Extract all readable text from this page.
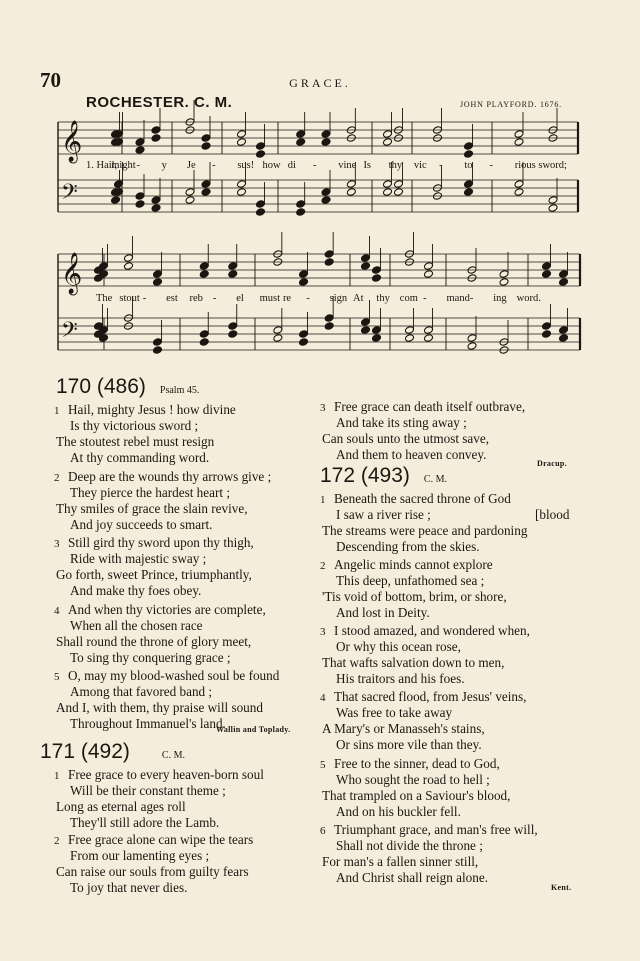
70	GRACE.
ROCHESTER. C. M.	JOHN PLAYFORD. 1676.
𝄞
𝄢
𝄞
𝄢
1. Hail,
might - y Je - sus! how di - vine Is thy vic - to - rious sword;
The stout - est reb - el must re - sign At thy com - mand - ing word.
170 (486) Psalm 45.
1 Hail, mighty Jesus ! how divine
Is thy victorious sword ;
The stoutest rebel must resign
At thy commanding word.
2 Deep are the wounds thy arrows give ;
They pierce the hardest heart ;
Thy smiles of grace the slain revive,
And joy succeeds to smart.
3 Still gird thy sword upon thy thigh,
Ride with majestic sway ;
Go forth, sweet Prince, triumphantly,
And make thy foes obey.
4 And when thy victories are complete,
When all the chosen race
Shall round the throne of glory meet,
To sing thy conquering grace ;
5 O, may my blood-washed soul be found
Among that favored band ;
And I, with them, thy praise will sound
Throughout Immanuel's land.
Wallin and Toplady.
171 (492)	C. M.
1 Free grace to every heaven-born soul
Will be their constant theme ;
Long as eternal ages roll
They'll still adore the Lamb.
2 Free grace alone can wipe the tears
From our lamenting eyes ;
Can raise our souls from guilty fears
To joy that never dies.
3 Free grace can death itself outbrave,
And take its sting away ;
Can souls unto the utmost save,
And them to heaven convey.
Dracup.
172 (493) C. M.
1 Beneath the sacred throne of God
I saw a river rise ;	[blood
The streams were peace and pardoning
Descending from the skies.
2 Angelic minds cannot explore
This deep, unfathomed sea ;
'Tis void of bottom, brim, or shore,
And lost in Deity.
3 I stood amazed, and wondered when,
Or why this ocean rose,
That wafts salvation down to men,
His traitors and his foes.
4 That sacred flood, from Jesus' veins,
Was free to take away
A Mary's or Manasseh's stains,
Or sins more vile than they.
5 Free to the sinner, dead to God,
Who sought the road to hell ;
That trampled on a Saviour's blood,
And on his buckler fell.
6 Triumphant grace, and man's free will,
Shall not divide the throne ;
For man's a fallen sinner still,
And Christ shall reign alone.
Kent.
